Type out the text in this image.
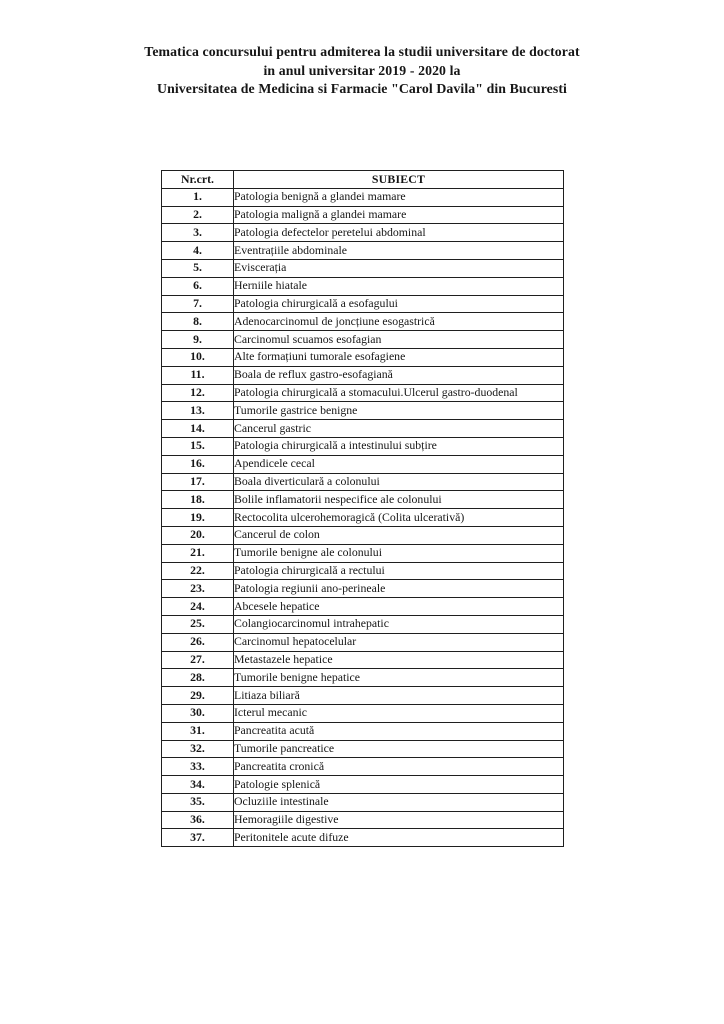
Tematica concursului pentru admiterea la studii universitare de doctorat
in anul universitar 2019 - 2020 la
Universitatea de Medicina si Farmacie "Carol Davila" din Bucuresti
Nr.crt.	SUBIECT
1.	Patologia benignă a glandei mamare
2.	Patologia malignă a glandei mamare
3.	Patologia defectelor peretelui abdominal
4.	Eventrațiile abdominale
5.	Eviscerația
6.	Herniile hiatale
7.	Patologia chirurgicală a esofagului
8.	Adenocarcinomul de joncțiune esogastrică
9.	Carcinomul scuamos esofagian
10.	Alte formațiuni tumorale esofagiene
11.	Boala de reflux gastro-esofagiană
12.	Patologia chirurgicală a stomacului.Ulcerul gastro-duodenal
13.	Tumorile gastrice benigne
14.	Cancerul gastric
15.	Patologia chirurgicală a intestinului subțire
16.	Apendicele cecal
17.	Boala diverticulară a colonului
18.	Bolile inflamatorii nespecifice ale colonului
19.	Rectocolita ulcerohemoragică (Colita ulcerativă)
20.	Cancerul de colon
21.	Tumorile benigne ale colonului
22.	Patologia chirurgicală a rectului
23.	Patologia regiunii ano-perineale
24.	Abcesele hepatice
25.	Colangiocarcinomul intrahepatic
26.	Carcinomul hepatocelular
27.	Metastazele hepatice
28.	Tumorile benigne hepatice
29.	Litiaza biliară
30.	Icterul mecanic
31.	Pancreatita acută
32.	Tumorile pancreatice
33.	Pancreatita cronică
34.	Patologie splenică
35.	Ocluziile intestinale
36.	Hemoragiile digestive
37.	Peritonitele acute difuze
